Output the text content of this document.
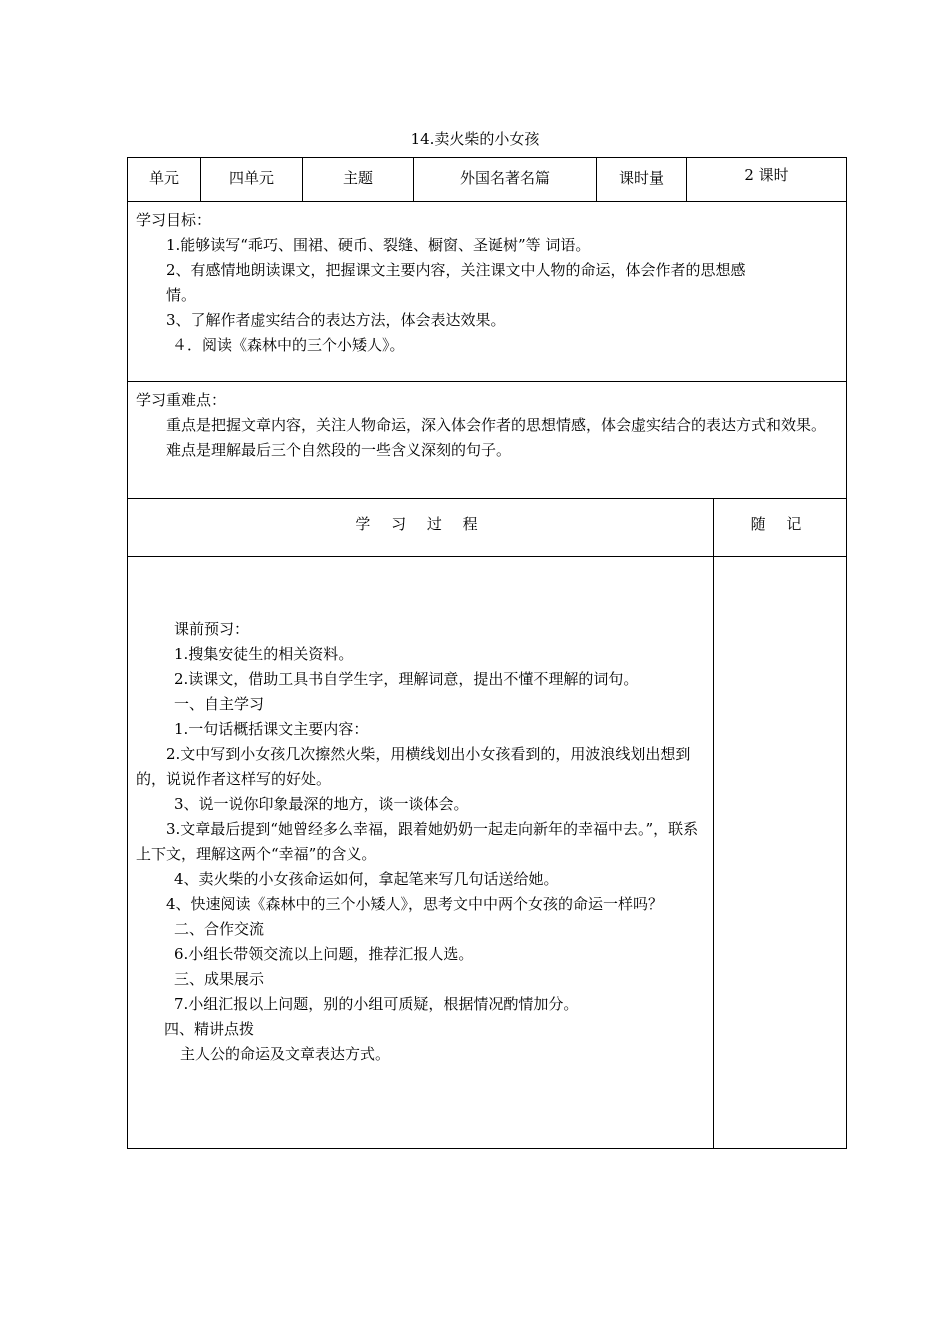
14.卖火柴的小女孩
单元	四单元	主题	外国名著名篇	课时量	2 课时

学习目标：

1.能够读写“乖巧、围裙、硬币、裂缝、橱窗、圣诞树”等 词语。

2、有感情地朗读课文，把握课文主要内容，关注课文中人物的命运，体会作者的思想感

情。

3、了解作者虚实结合的表达方法，体会表达效果。

４．阅读《森林中的三个小矮人》。

学习重难点：

重点是把握文章内容，关注人物命运，深入体会作者的思想情感，体会虚实结合的表达方式和效果。

难点是理解最后三个自然段的一些含义深刻的句子。

学 习 过 程	随 记

课前预习：

1.搜集安徒生的相关资料。

2.读课文，借助工具书自学生字，理解词意，提出不懂不理解的词句。

一、自主学习

1.一句话概括课文主要内容：

2.文中写到小女孩几次擦然火柴，用横线划出小女孩看到的，用波浪线划出想到的，说说作者这样写的好处。

3、说一说你印象最深的地方，谈一谈体会。

3.文章最后提到“她曾经多么幸福，跟着她奶奶一起走向新年的幸福中去。”，联系上下文，理解这两个“幸福”的含义。

4、卖火柴的小女孩命运如何，拿起笔来写几句话送给她。

4、快速阅读《森林中的三个小矮人》，思考文中中两个女孩的命运一样吗？

二、合作交流

6.小组长带领交流以上问题，推荐汇报人选。

三、成果展示

7.小组汇报以上问题，别的小组可质疑，根据情况酌情加分。

四、精讲点拨

主人公的命运及文章表达方式。
